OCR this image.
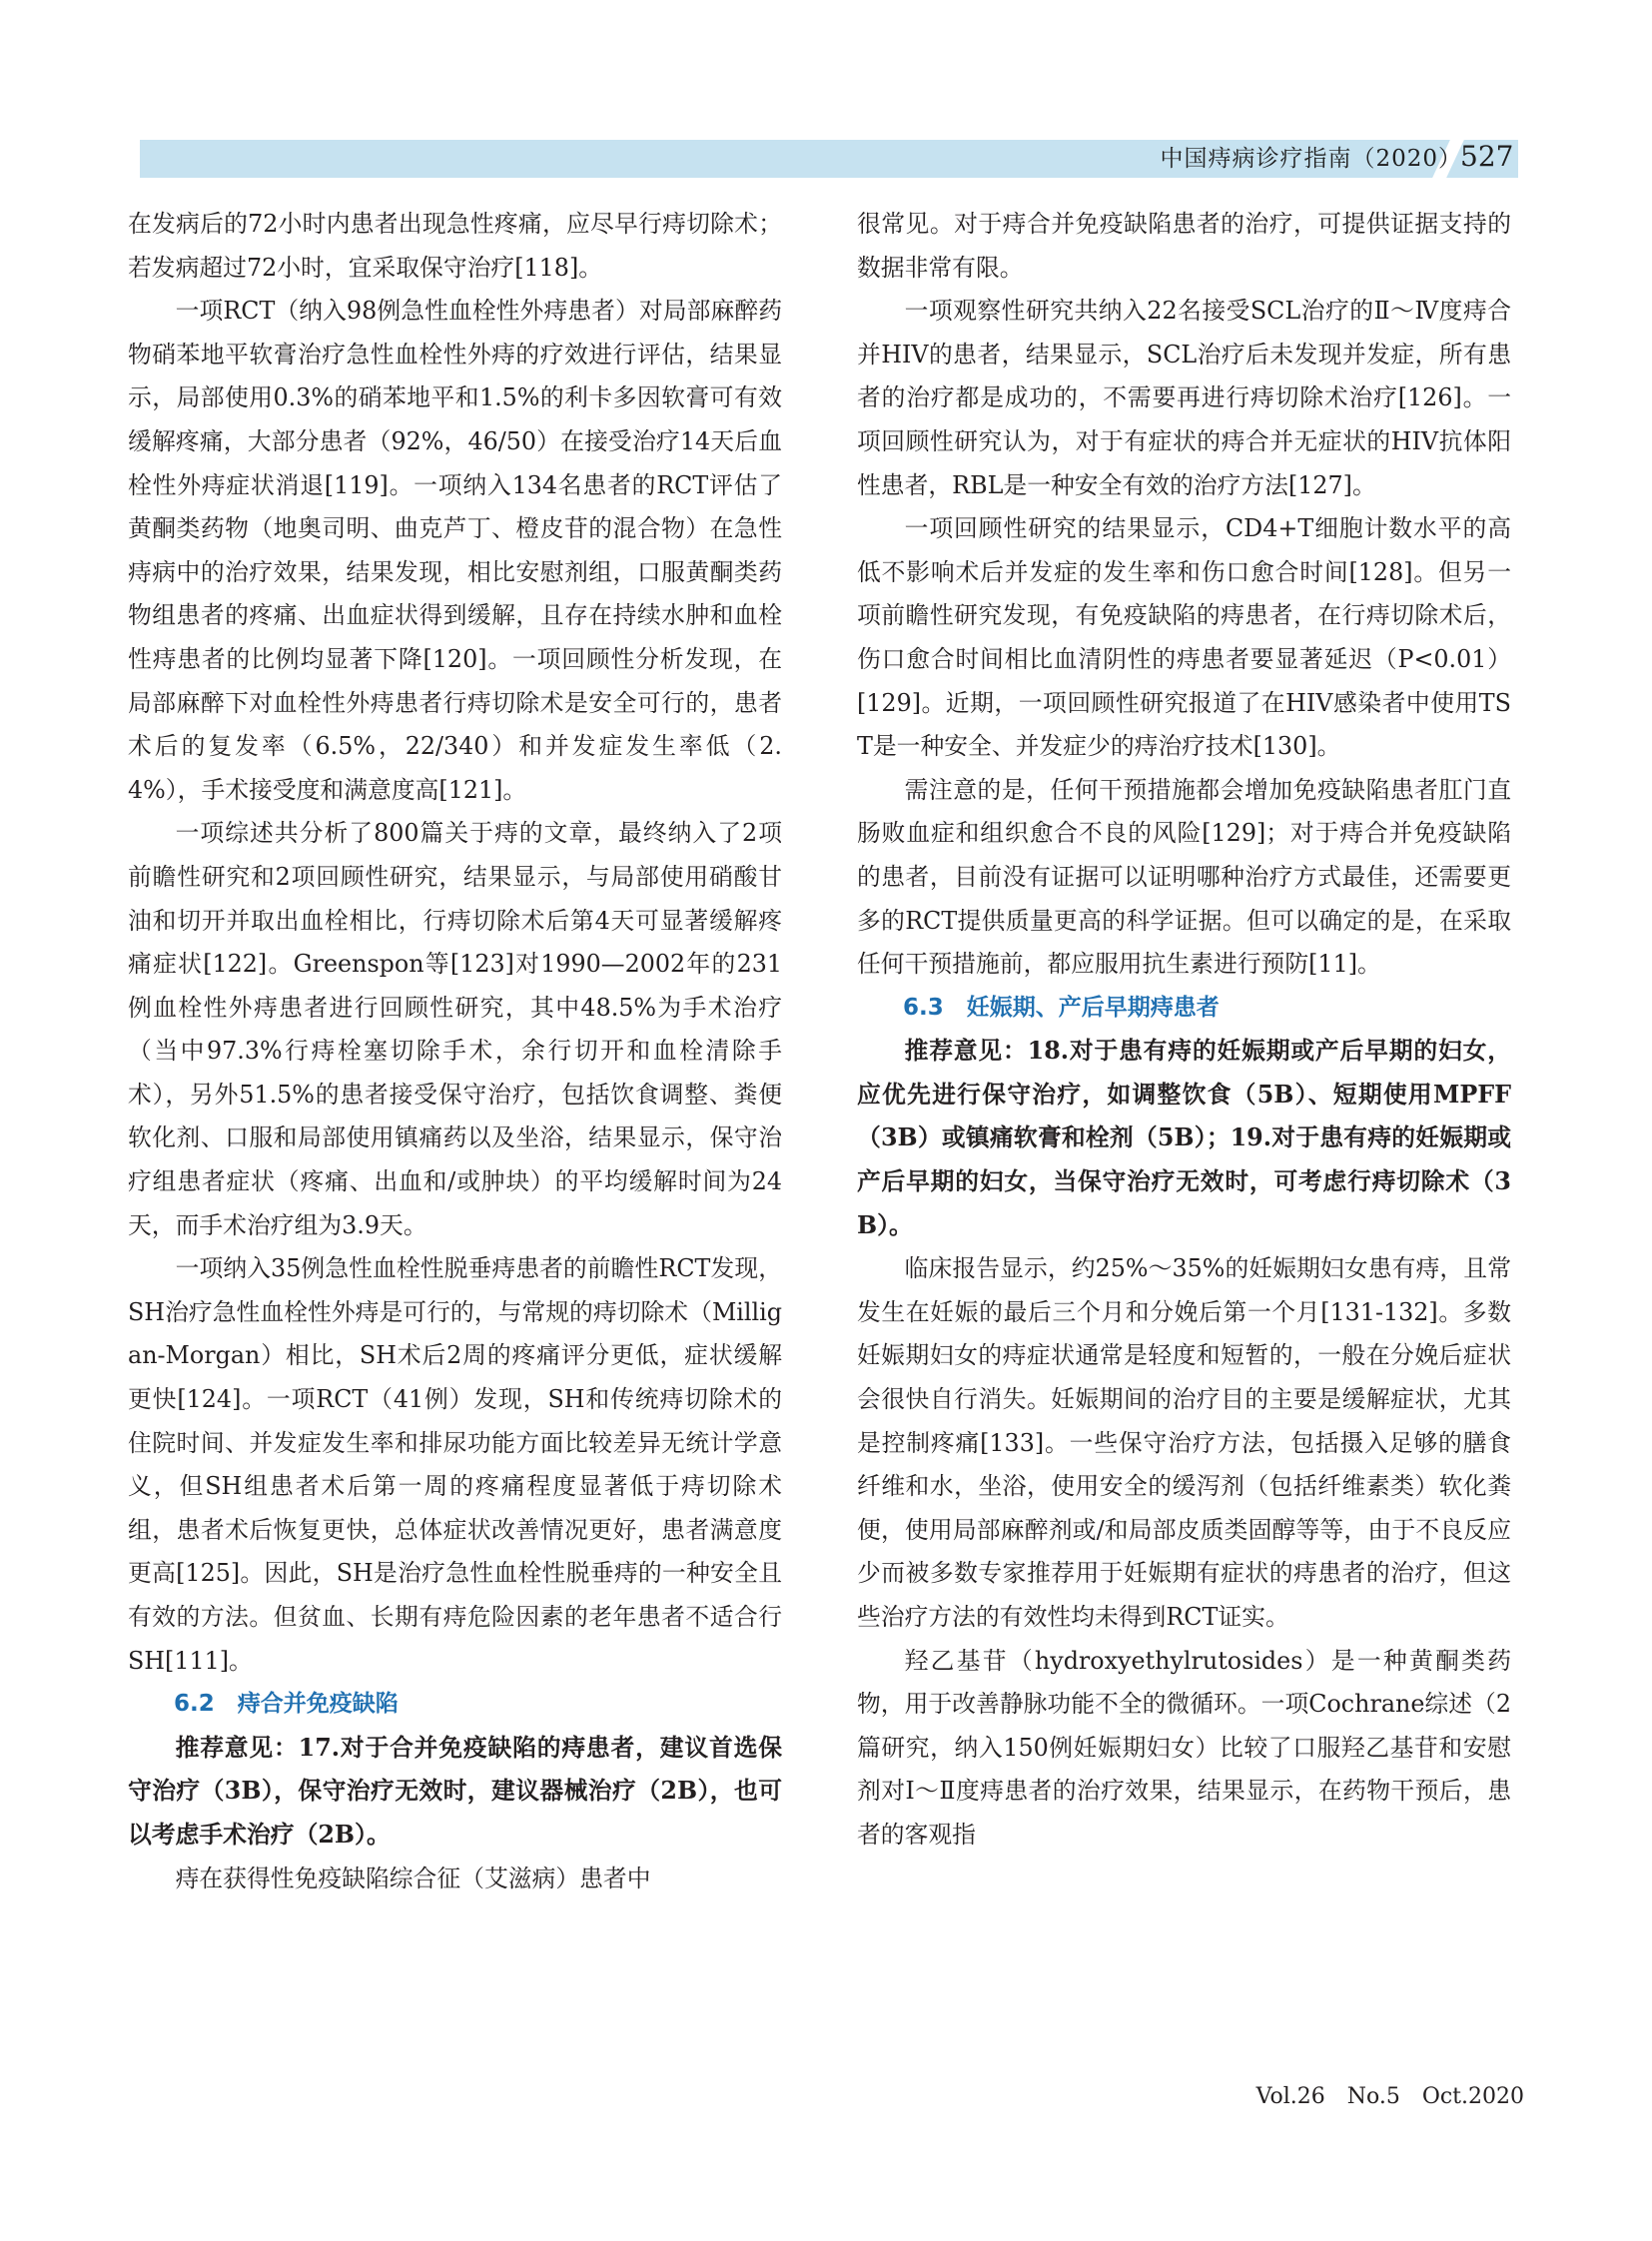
中国痔病诊疗指南（2020）
527

在发病后的72小时内患者出现急性疼痛，应尽早行痔切除术；若发病超过72小时，宜采取保守治疗[118]。

一项RCT（纳入98例急性血栓性外痔患者）对局部麻醉药物硝苯地平软膏治疗急性血栓性外痔的疗效进行评估，结果显示，局部使用0.3%的硝苯地平和1.5%的利卡多因软膏可有效缓解疼痛，大部分患者（92%，46/50）在接受治疗14天后血栓性外痔症状消退[119]。一项纳入134名患者的RCT评估了黄酮类药物（地奥司明、曲克芦丁、橙皮苷的混合物）在急性痔病中的治疗效果，结果发现，相比安慰剂组，口服黄酮类药物组患者的疼痛、出血症状得到缓解，且存在持续水肿和血栓性痔患者的比例均显著下降[120]。一项回顾性分析发现，在局部麻醉下对血栓性外痔患者行痔切除术是安全可行的，患者术后的复发率（6.5%，22/340）和并发症发生率低（2.4%），手术接受度和满意度高[121]。

一项综述共分析了800篇关于痔的文章，最终纳入了2项前瞻性研究和2项回顾性研究，结果显示，与局部使用硝酸甘油和切开并取出血栓相比，行痔切除术后第4天可显著缓解疼痛症状[122]。Greenspon等[123]对1990—2002年的231例血栓性外痔患者进行回顾性研究，其中48.5%为手术治疗（当中97.3%行痔栓塞切除手术，余行切开和血栓清除手术），另外51.5%的患者接受保守治疗，包括饮食调整、粪便软化剂、口服和局部使用镇痛药以及坐浴，结果显示，保守治疗组患者症状（疼痛、出血和/或肿块）的平均缓解时间为24天，而手术治疗组为3.9天。

一项纳入35例急性血栓性脱垂痔患者的前瞻性RCT发现，SH治疗急性血栓性外痔是可行的，与常规的痔切除术（Milligan-Morgan）相比，SH术后2周的疼痛评分更低，症状缓解更快[124]。一项RCT（41例）发现，SH和传统痔切除术的住院时间、并发症发生率和排尿功能方面比较差异无统计学意义，但SH组患者术后第一周的疼痛程度显著低于痔切除术组，患者术后恢复更快，总体症状改善情况更好，患者满意度更高[125]。因此，SH是治疗急性血栓性脱垂痔的一种安全且有效的方法。但贫血、长期有痔危险因素的老年患者不适合行SH[111]。

6.2　痔合并免疫缺陷

推荐意见：17.对于合并免疫缺陷的痔患者，建议首选保守治疗（3B），保守治疗无效时，建议器械治疗（2B），也可以考虑手术治疗（2B）。

痔在获得性免疫缺陷综合征（艾滋病）患者中

很常见。对于痔合并免疫缺陷患者的治疗，可提供证据支持的数据非常有限。

一项观察性研究共纳入22名接受SCL治疗的Ⅱ～Ⅳ度痔合并HIV的患者，结果显示，SCL治疗后未发现并发症，所有患者的治疗都是成功的，不需要再进行痔切除术治疗[126]。一项回顾性研究认为，对于有症状的痔合并无症状的HIV抗体阳性患者，RBL是一种安全有效的治疗方法[127]。

一项回顾性研究的结果显示，CD4+T细胞计数水平的高低不影响术后并发症的发生率和伤口愈合时间[128]。但另一项前瞻性研究发现，有免疫缺陷的痔患者，在行痔切除术后，伤口愈合时间相比血清阴性的痔患者要显著延迟（P<0.01）[129]。近期，一项回顾性研究报道了在HIV感染者中使用TST是一种安全、并发症少的痔治疗技术[130]。

需注意的是，任何干预措施都会增加免疫缺陷患者肛门直肠败血症和组织愈合不良的风险[129]；对于痔合并免疫缺陷的患者，目前没有证据可以证明哪种治疗方式最佳，还需要更多的RCT提供质量更高的科学证据。但可以确定的是，在采取任何干预措施前，都应服用抗生素进行预防[11]。

6.3　妊娠期、产后早期痔患者

推荐意见：18.对于患有痔的妊娠期或产后早期的妇女，应优先进行保守治疗，如调整饮食（5B）、短期使用MPFF（3B）或镇痛软膏和栓剂（5B）；19.对于患有痔的妊娠期或产后早期的妇女，当保守治疗无效时，可考虑行痔切除术（3B）。

临床报告显示，约25%～35%的妊娠期妇女患有痔，且常发生在妊娠的最后三个月和分娩后第一个月[131-132]。多数妊娠期妇女的痔症状通常是轻度和短暂的，一般在分娩后症状会很快自行消失。妊娠期间的治疗目的主要是缓解症状，尤其是控制疼痛[133]。一些保守治疗方法，包括摄入足够的膳食纤维和水，坐浴，使用安全的缓泻剂（包括纤维素类）软化粪便，使用局部麻醉剂或/和局部皮质类固醇等等，由于不良反应少而被多数专家推荐用于妊娠期有症状的痔患者的治疗，但这些治疗方法的有效性均未得到RCT证实。

羟乙基苷（hydroxyethylrutosides）是一种黄酮类药物，用于改善静脉功能不全的微循环。一项Cochrane综述（2篇研究，纳入150例妊娠期妇女）比较了口服羟乙基苷和安慰剂对Ⅰ～Ⅱ度痔患者的治疗效果，结果显示，在药物干预后，患者的客观指

Vol.26　No.5　Oct.2020
